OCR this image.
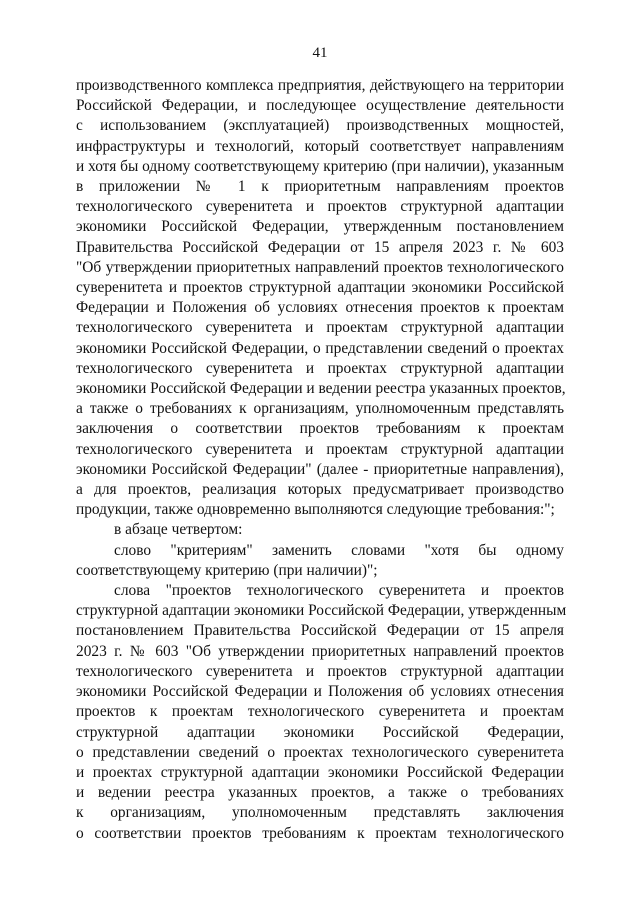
41
производственного комплекса предприятия, действующего на территории
Российской Федерации, и последующее осуществление деятельности
с использованием (эксплуатацией) производственных мощностей,
инфраструктуры и технологий, который соответствует направлениям
и хотя бы одному соответствующему критерию (при наличии), указанным
в приложении № 1 к приоритетным направлениям проектов
технологического суверенитета и проектов структурной адаптации
экономики Российской Федерации, утвержденным постановлением
Правительства Российской Федерации от 15 апреля 2023 г. № 603
"Об утверждении приоритетных направлений проектов технологического
суверенитета и проектов структурной адаптации экономики Российской
Федерации и Положения об условиях отнесения проектов к проектам
технологического суверенитета и проектам структурной адаптации
экономики Российской Федерации, о представлении сведений о проектах
технологического суверенитета и проектах структурной адаптации
экономики Российской Федерации и ведении реестра указанных проектов,
а также о требованиях к организациям, уполномоченным представлять
заключения о соответствии проектов требованиям к проектам
технологического суверенитета и проектам структурной адаптации
экономики Российской Федерации" (далее - приоритетные направления),
а для проектов, реализация которых предусматривает производство
продукции, также одновременно выполняются следующие требования:";
в абзаце четвертом:
слово "критериям" заменить словами "хотя бы одному
соответствующему критерию (при наличии)";
слова "проектов технологического суверенитета и проектов
структурной адаптации экономики Российской Федерации, утвержденным
постановлением Правительства Российской Федерации от 15 апреля
2023 г. № 603 "Об утверждении приоритетных направлений проектов
технологического суверенитета и проектов структурной адаптации
экономики Российской Федерации и Положения об условиях отнесения
проектов к проектам технологического суверенитета и проектам
структурной адаптации экономики Российской Федерации,
о представлении сведений о проектах технологического суверенитета
и проектах структурной адаптации экономики Российской Федерации
и ведении реестра указанных проектов, а также о требованиях
к организациям, уполномоченным представлять заключения
о соответствии проектов требованиям к проектам технологического
